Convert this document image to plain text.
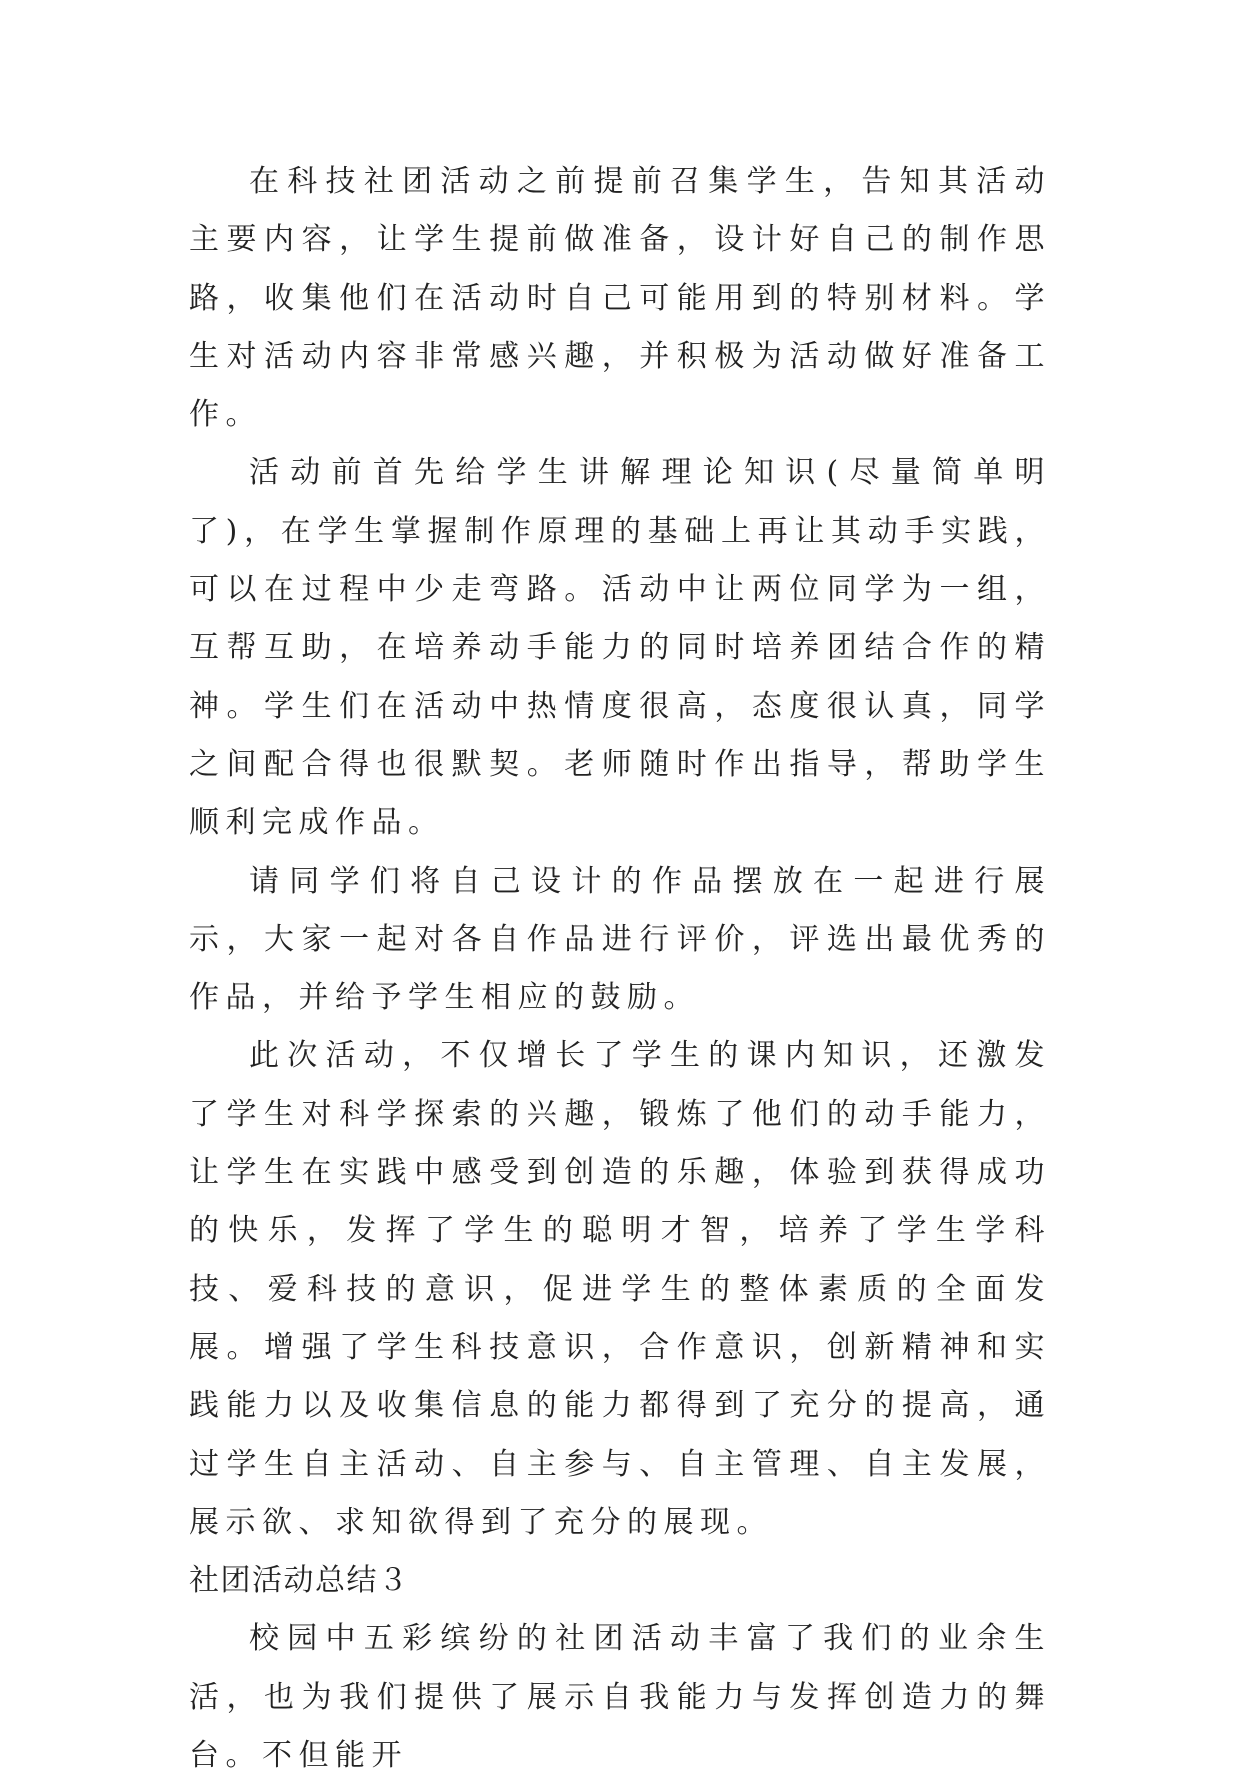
在科技社团活动之前提前召集学生，告知其活动主要内容，让学生提前做准备，设计好自己的制作思路，收集他们在活动时自己可能用到的特别材料。学生对活动内容非常感兴趣，并积极为活动做好准备工作。

活动前首先给学生讲解理论知识(尽量简单明了)，在学生掌握制作原理的基础上再让其动手实践，可以在过程中少走弯路。活动中让两位同学为一组，互帮互助，在培养动手能力的同时培养团结合作的精神。学生们在活动中热情度很高，态度很认真，同学之间配合得也很默契。老师随时作出指导，帮助学生顺利完成作品。

请同学们将自己设计的作品摆放在一起进行展示，大家一起对各自作品进行评价，评选出最优秀的作品，并给予学生相应的鼓励。

此次活动，不仅增长了学生的课内知识，还激发了学生对科学探索的兴趣，锻炼了他们的动手能力，让学生在实践中感受到创造的乐趣，体验到获得成功的快乐，发挥了学生的聪明才智，培养了学生学科技、爱科技的意识，促进学生的整体素质的全面发展。增强了学生科技意识，合作意识，创新精神和实践能力以及收集信息的能力都得到了充分的提高，通过学生自主活动、自主参与、自主管理、自主发展，展示欲、求知欲得到了充分的展现。

社团活动总结３

校园中五彩缤纷的社团活动丰富了我们的业余生活，也为我们提供了展示自我能力与发挥创造力的舞台。不但能开
